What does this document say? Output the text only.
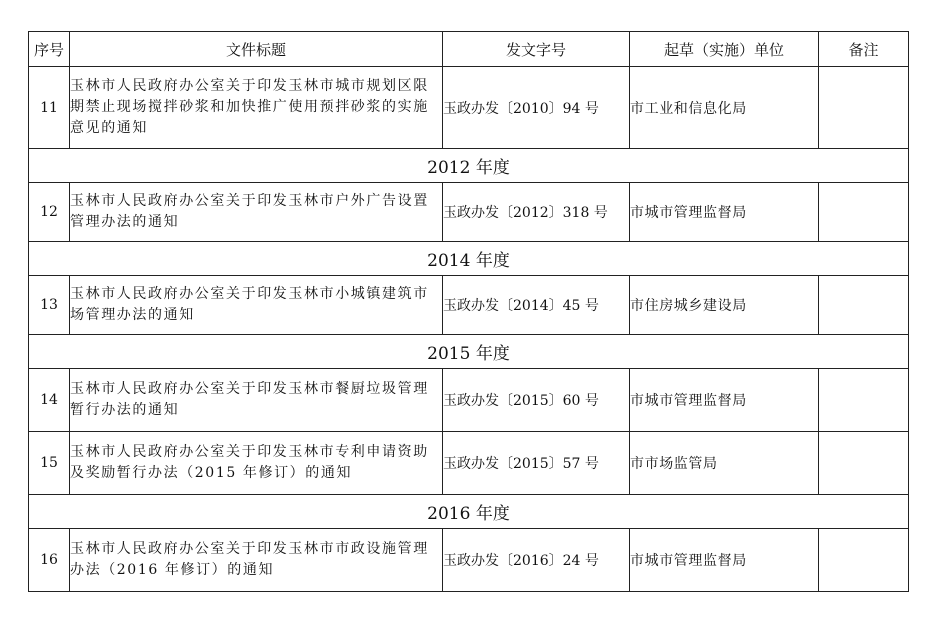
序号	文件标题	发文字号	起草（实施）单位	备注
11	玉林市人民政府办公室关于印发玉林市城市规划区限期禁止现场搅拌砂浆和加快推广使用预拌砂浆的实施意见的通知	玉政办发〔2010〕94 号	市工业和信息化局	
2012 年度				
12	玉林市人民政府办公室关于印发玉林市户外广告设置管理办法的通知	玉政办发〔2012〕318 号	市城市管理监督局	
2014 年度				
13	玉林市人民政府办公室关于印发玉林市小城镇建筑市场管理办法的通知	玉政办发〔2014〕45 号	市住房城乡建设局	
2015 年度				
14	玉林市人民政府办公室关于印发玉林市餐厨垃圾管理暂行办法的通知	玉政办发〔2015〕60 号	市城市管理监督局	
15	玉林市人民政府办公室关于印发玉林市专利申请资助及奖励暂行办法（2015 年修订）的通知	玉政办发〔2015〕57 号	市市场监管局	
2016 年度				
16	玉林市人民政府办公室关于印发玉林市市政设施管理办法（2016 年修订）的通知	玉政办发〔2016〕24 号	市城市管理监督局	
